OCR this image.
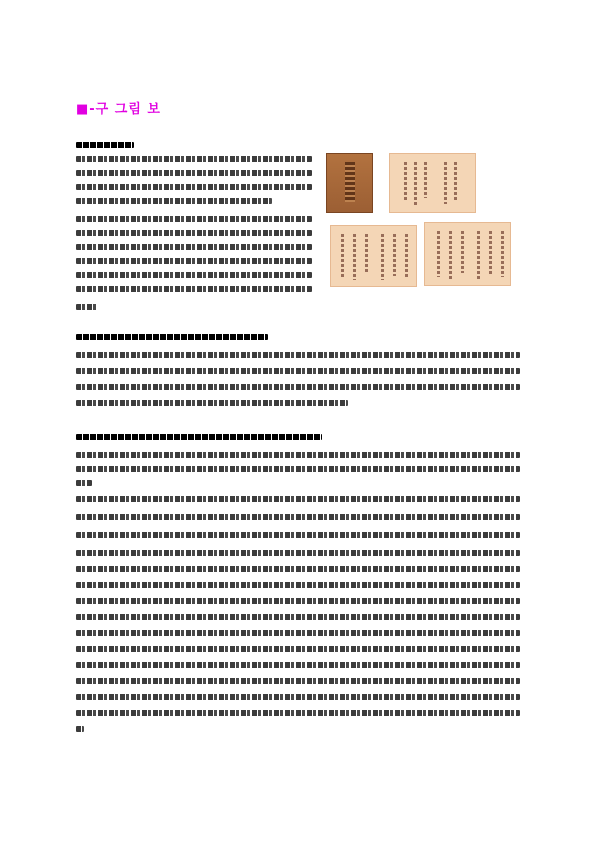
■-구 그림 보
